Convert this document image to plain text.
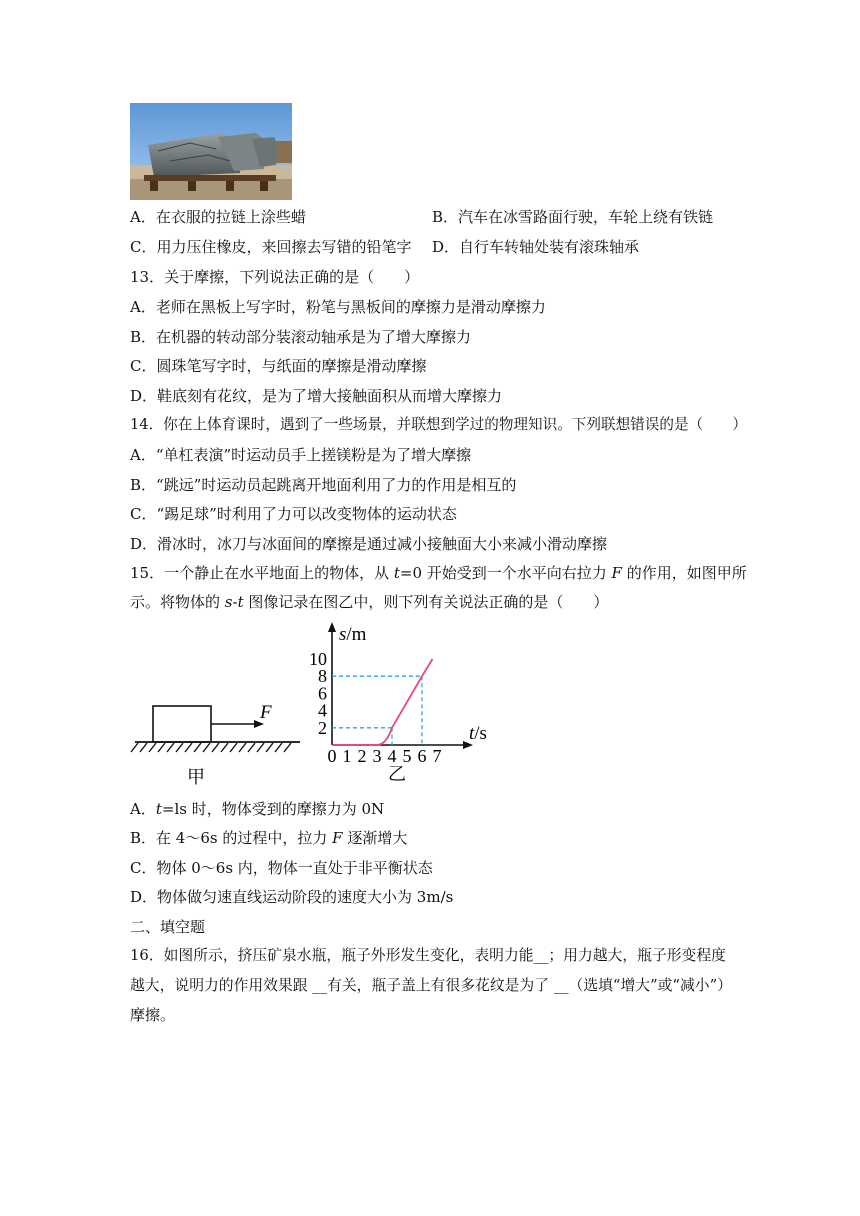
A．在衣服的拉链上涂些蜡	B．汽车在冰雪路面行驶，车轮上绕有铁链
C．用力压住橡皮，来回擦去写错的铅笔字 D．自行车转轴处装有滚珠轴承
13．关于摩擦，下列说法正确的是（　　）
A．老师在黑板上写字时，粉笔与黑板间的摩擦力是滑动摩擦力
B．在机器的转动部分装滚动轴承是为了增大摩擦力
C．圆珠笔写字时，与纸面的摩擦是滑动摩擦
D．鞋底刻有花纹，是为了增大接触面积从而增大摩擦力
14．你在上体育课时，遇到了一些场景，并联想到学过的物理知识。下列联想错误的是（　　）
A．“单杠表演”时运动员手上搓镁粉是为了增大摩擦
B．“跳远”时运动员起跳离开地面利用了力的作用是相互的
C．“踢足球”时利用了力可以改变物体的运动状态
D．滑冰时，冰刀与冰面间的摩擦是通过减小接触面大小来减小滑动摩擦
15．一个静止在水平地面上的物体，从 t=0 开始受到一个水平向右拉力 F 的作用，如图甲所
示。将物体的 s-t 图像记录在图乙中，则下列有关说法正确的是（　　）
F
甲
s/m
t/s
10
8
6
4
2
0 1 2 3 4 5 6 7
乙
A．t=ls 时，物体受到的摩擦力为 0N
B．在 4～6s 的过程中，拉力 F 逐渐增大
C．物体 0～6s 内，物体一直处于非平衡状态
D．物体做匀速直线运动阶段的速度大小为 3m/s
二、填空题
16．如图所示，挤压矿泉水瓶，瓶子外形发生变化，表明力能__；用力越大，瓶子形变程度
越大，说明力的作用效果跟 __有关，瓶子盖上有很多花纹是为了 __（选填“增大”或“减小”）
摩擦。
